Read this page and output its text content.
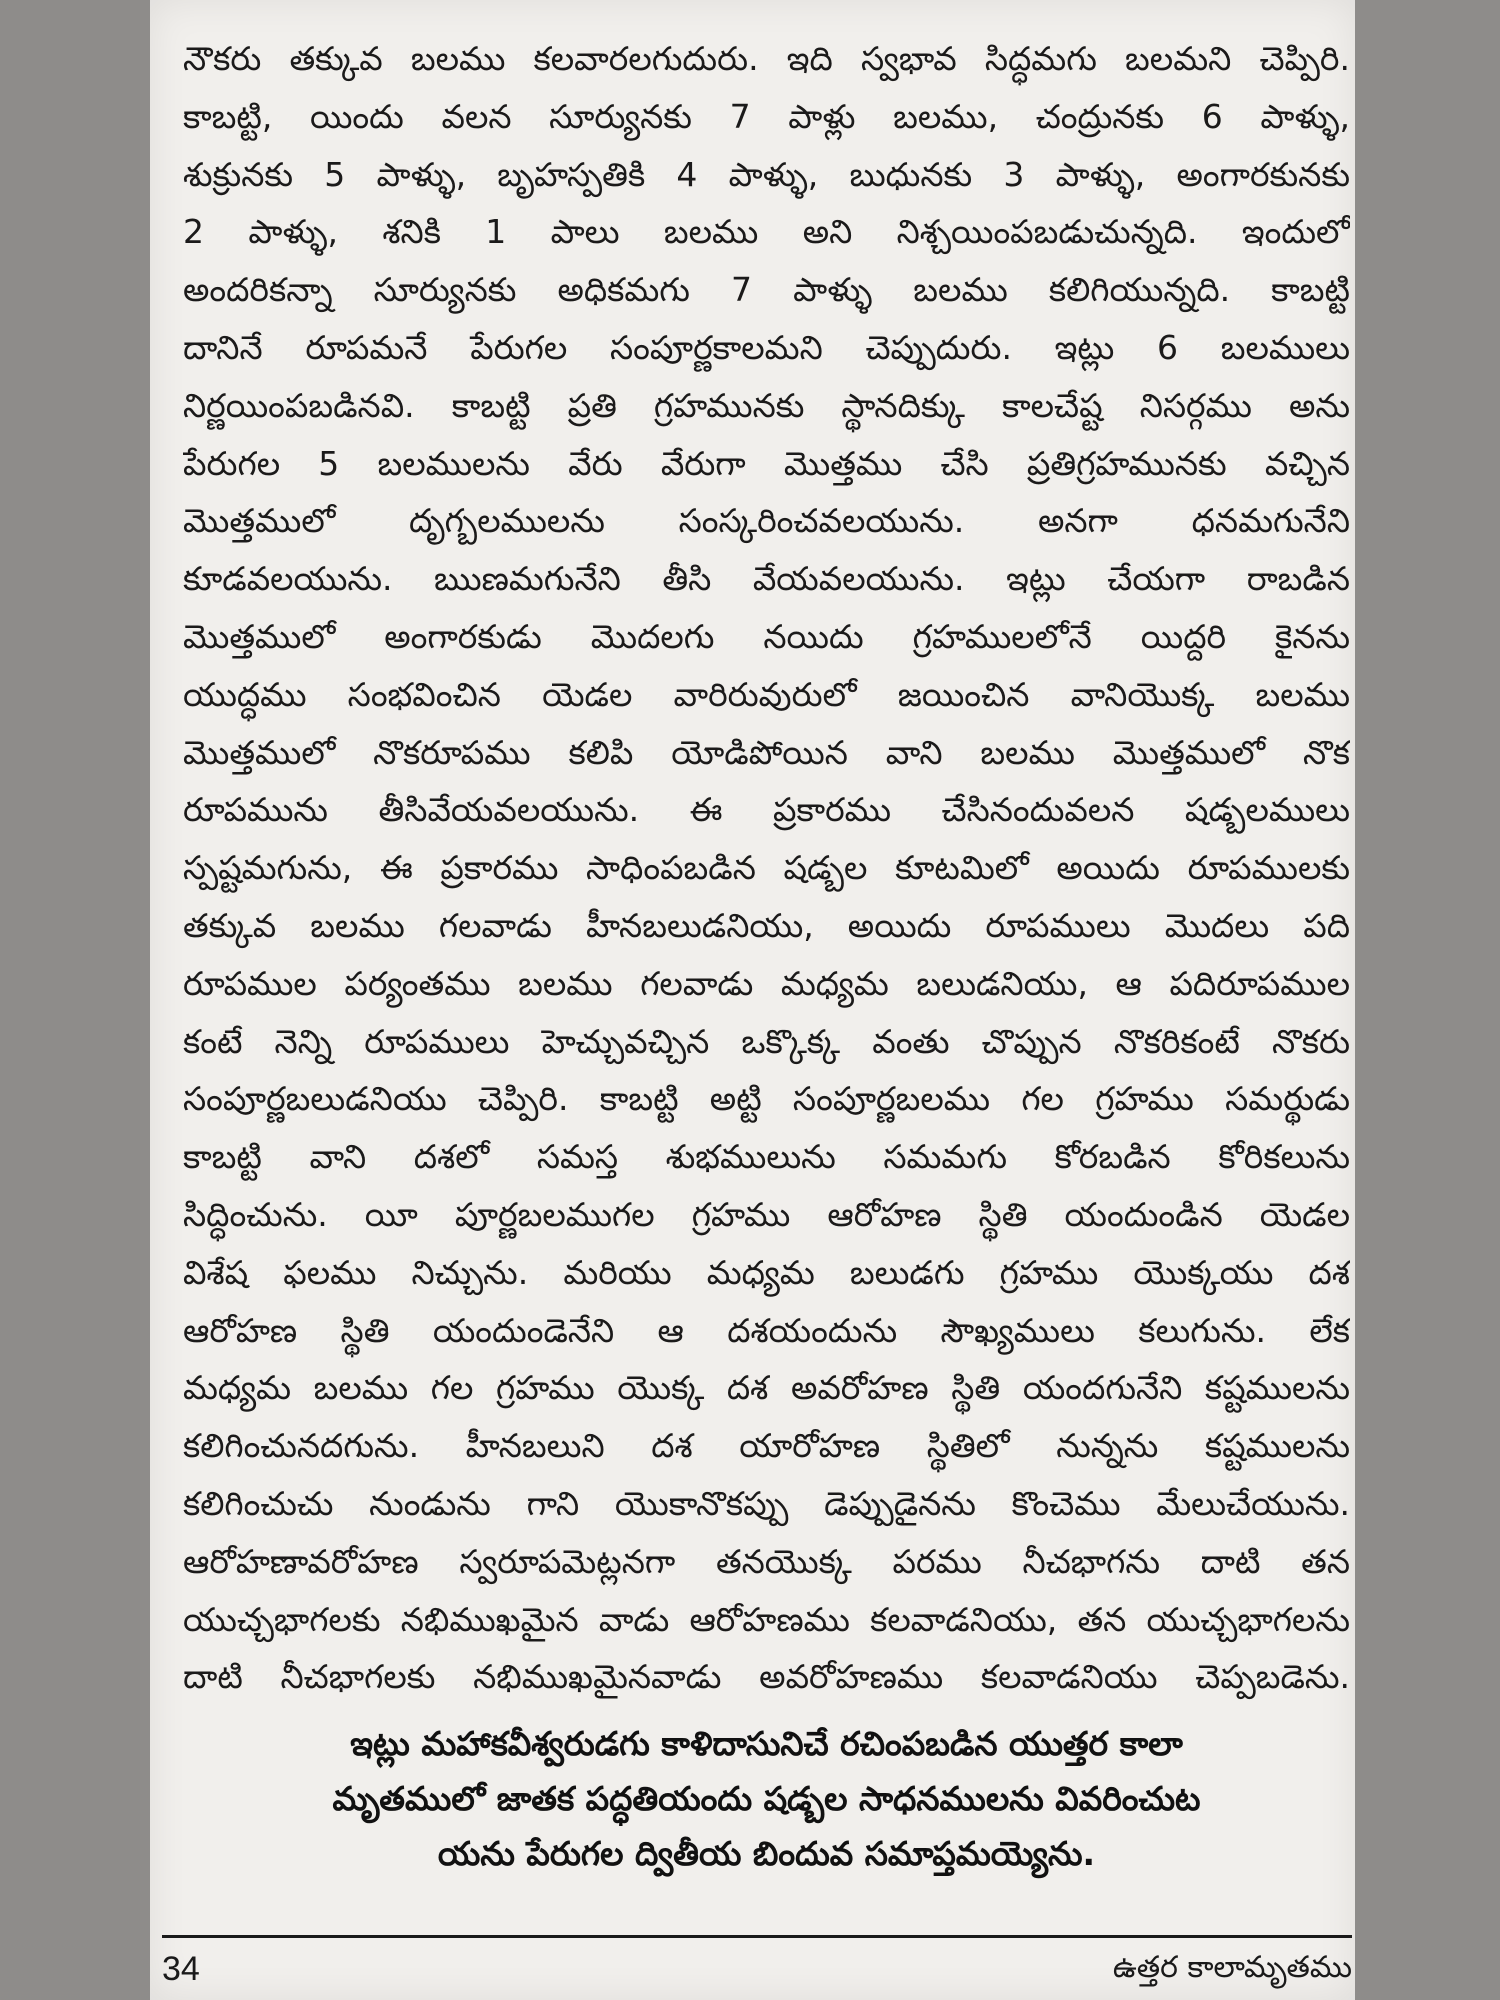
నౌకరు తక్కువ బలము కలవారలగుదురు. ఇది స్వభావ సిద్ధమగు బలమని చెప్పిరి.
కాబట్టి, యిందు వలన సూర్యునకు 7 పాళ్లు బలము, చంద్రునకు 6 పాళ్ళు,
శుక్రునకు 5 పాళ్ళు, బృహస్పతికి 4 పాళ్ళు, బుధునకు 3 పాళ్ళు, అంగారకునకు
2 పాళ్ళు, శనికి 1 పాలు బలము అని నిశ్చయింపబడుచున్నది. ఇందులో
అందరికన్నా సూర్యునకు అధికమగు 7 పాళ్ళు బలము కలిగియున్నది. కాబట్టి
దానినే రూపమనే పేరుగల సంపూర్ణకాలమని చెప్పుదురు. ఇట్లు 6 బలములు
నిర్ణయింపబడినవి. కాబట్టి ప్రతి గ్రహమునకు స్థానదిక్కు కాలచేష్ట నిసర్గము అను
పేరుగల 5 బలములను వేరు వేరుగా మొత్తము చేసి ప్రతిగ్రహమునకు వచ్చిన
మొత్తములో దృగ్బలములను సంస్కరించవలయును. అనగా ధనమగునేని
కూడవలయును. ఋణమగునేని తీసి వేయవలయును. ఇట్లు చేయగా రాబడిన
మొత్తములో అంగారకుడు మొదలగు నయిదు గ్రహములలోనే యిద్దరి కైనను
యుద్ధము సంభవించిన యెడల వారిరువురులో జయించిన వానియొక్క బలము
మొత్తములో నొకరూపము కలిపి యోడిపోయిన వాని బలము మొత్తములో నొక
రూపమును తీసివేయవలయును. ఈ ప్రకారము చేసినందువలన షడ్బలములు
స్పష్టమగును, ఈ ప్రకారము సాధింపబడిన షడ్బల కూటమిలో అయిదు రూపములకు
తక్కువ బలము గలవాడు హీనబలుడనియు, అయిదు రూపములు మొదలు పది
రూపముల పర్యంతము బలము గలవాడు మధ్యమ బలుడనియు, ఆ పదిరూపముల
కంటే నెన్ని రూపములు హెచ్చువచ్చిన ఒక్కొక్క వంతు చొప్పున నొకరికంటే నొకరు
సంపూర్ణబలుడనియు చెప్పిరి. కాబట్టి అట్టి సంపూర్ణబలము గల గ్రహము సమర్థుడు
కాబట్టి వాని దశలో సమస్త శుభములును సమమగు కోరబడిన కోరికలును
సిద్ధించును. యీ పూర్ణబలముగల గ్రహము ఆరోహణ స్థితి యందుండిన యెడల
విశేష ఫలము నిచ్చును. మరియు మధ్యమ బలుడగు గ్రహము యొక్కయు దశ
ఆరోహణ స్థితి యందుండెనేని ఆ దశయందును సౌఖ్యములు కలుగును. లేక
మధ్యమ బలము గల గ్రహము యొక్క దశ అవరోహణ స్థితి యందగునేని కష్టములను
కలిగించునదగును. హీనబలుని దశ యారోహణ స్థితిలో నున్నను కష్టములను
కలిగించుచు నుండును గాని యొకానొకప్పు డెప్పుడైనను కొంచెము మేలుచేయును.
ఆరోహణావరోహణ స్వరూపమెట్లనగా తనయొక్క పరము నీచభాగను దాటి తన
యుచ్చభాగలకు నభిముఖమైన వాడు ఆరోహణము కలవాడనియు, తన యుచ్చభాగలను
దాటి నీచభాగలకు నభిముఖమైనవాడు అవరోహణము కలవాడనియు చెప్పబడెను.
ఇట్లు మహాకవీశ్వరుడగు కాళిదాసునిచే రచింపబడిన యుత్తర కాలా
మృతములో జాతక పద్ధతియందు షడ్బల సాధనములను వివరించుట
యను పేరుగల ద్వితీయ బిందువ సమాప్తమయ్యెను.
34	ఉత్తర కాలామృతము
